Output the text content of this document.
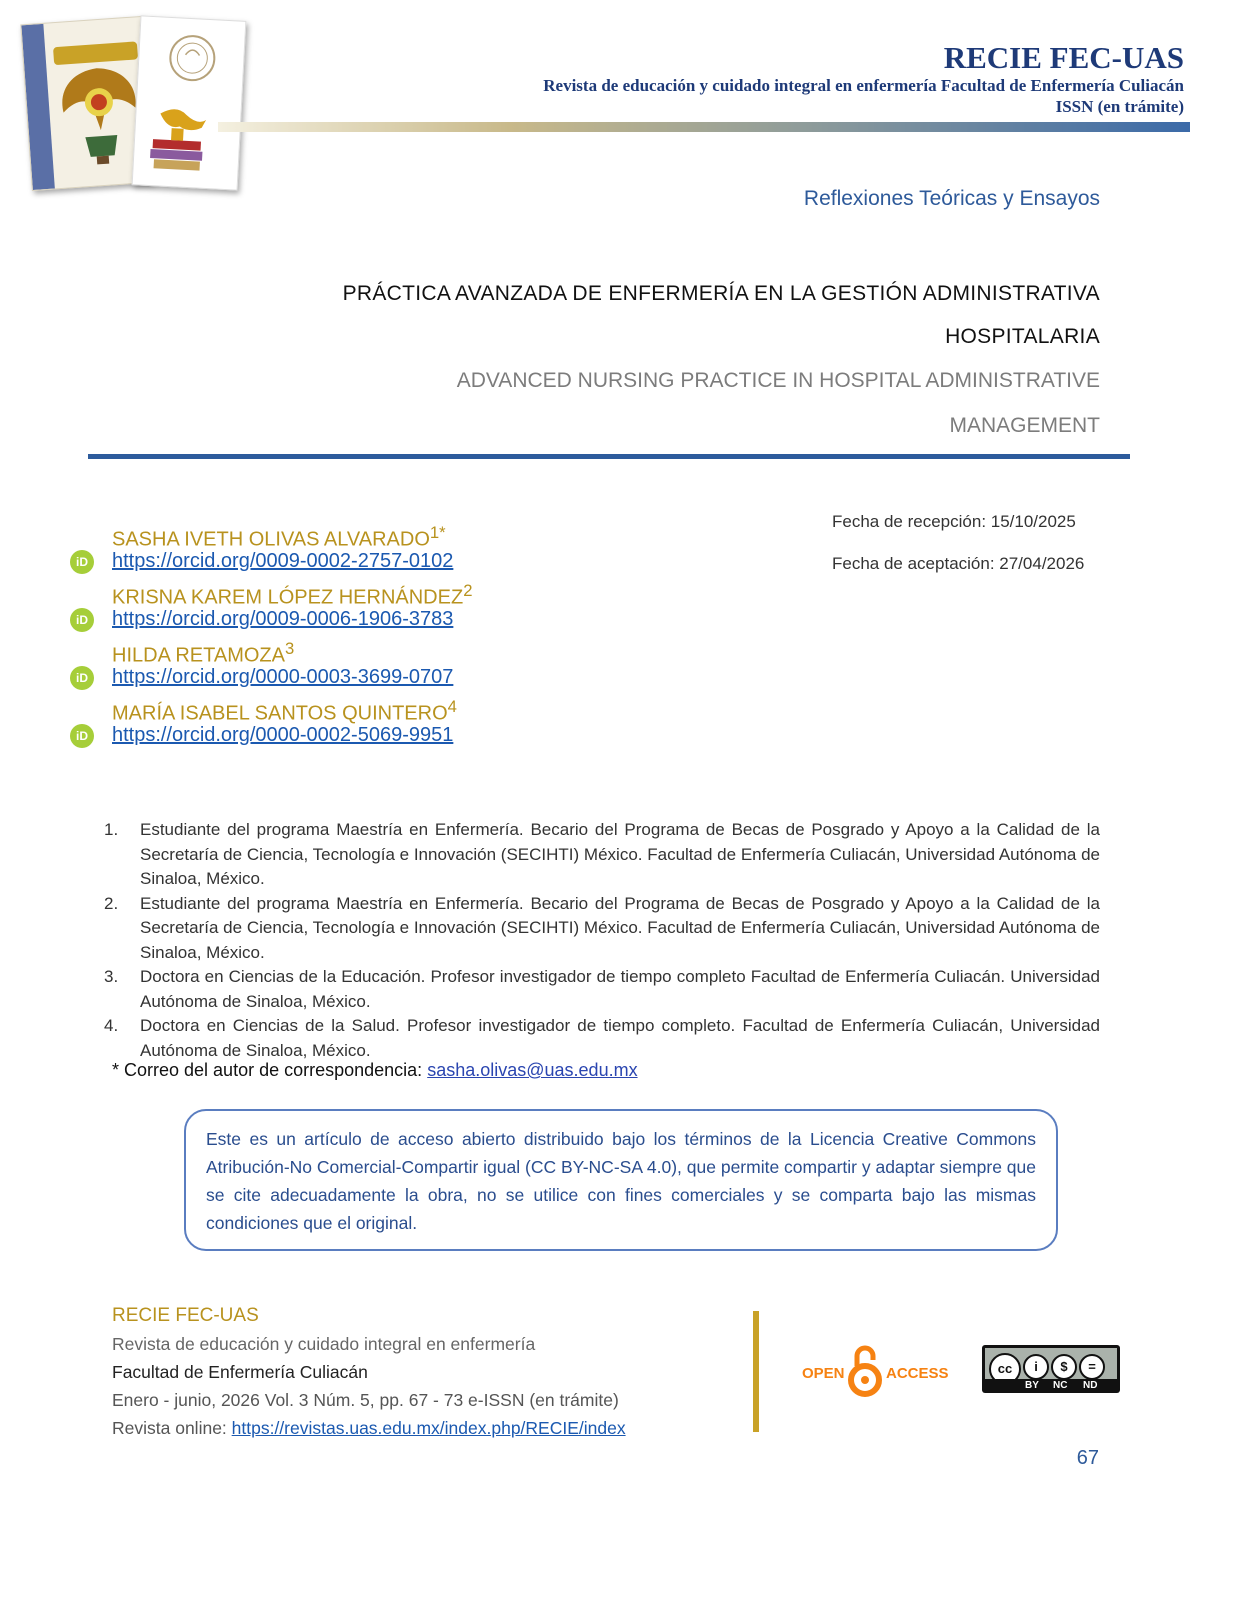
RECIE FEC-UAS
Revista de educación y cuidado integral en enfermería Facultad de Enfermería Culiacán
ISSN (en trámite)
Reflexiones Teóricas y Ensayos
PRÁCTICA AVANZADA DE ENFERMERÍA EN LA GESTIÓN ADMINISTRATIVA
HOSPITALARIA
ADVANCED NURSING PRACTICE IN HOSPITAL ADMINISTRATIVE
MANAGEMENT
SASHA IVETH OLIVAS $ALVARADO^{1*}$
iD	https://orcid.org/0009-0002-2757-0102
KRISNA KAREM LÓPEZ HERNÁNDEZ$^2$
iD	https://orcid.org/0009-0006-1906-3783
HILDA RETAMOZA$^3$
iD	https://orcid.org/0000-0003-3699-0707
MARÍA ISABEL SANTOS QUINTERO$^4$
iD	https://orcid.org/0000-0002-5069-9951
Fecha de recepción: 15/10/2025
Fecha de aceptación: 27/04/2026
1. Estudiante del programa Maestría en Enfermería. Becario del Programa de Becas de Posgrado y Apoyo a la Calidad de la Secretaría de Ciencia, Tecnología e Innovación (SECIHTI) México. Facultad de Enfermería Culiacán, Universidad Autónoma de Sinaloa, México.
2. Estudiante del programa Maestría en Enfermería. Becario del Programa de Becas de Posgrado y Apoyo a la Calidad de la Secretaría de Ciencia, Tecnología e Innovación (SECIHTI) México. Facultad de Enfermería Culiacán, Universidad Autónoma de Sinaloa, México.
3. Doctora en Ciencias de la Educación. Profesor investigador de tiempo completo Facultad de Enfermería Culiacán. Universidad Autónoma de Sinaloa, México.
4. Doctora en Ciencias de la Salud. Profesor investigador de tiempo completo. Facultad de Enfermería Culiacán, Universidad Autónoma de Sinaloa, México.
* Correo del autor de correspondencia: sasha.olivas@uas.edu.mx
Este es un artículo de acceso abierto distribuido bajo los términos de la Licencia Creative Commons Atribución-No Comercial-Compartir igual (CC BY-NC-SA 4.0), que permite compartir y adaptar siempre que se cite adecuadamente la obra, no se utilice con fines comerciales y se comparta bajo las mismas condiciones que el original.
RECIE FEC-UAS
Revista de educación y cuidado integral en enfermería
Facultad de Enfermería Culiacán
Enero - junio, 2026 Vol. 3 Núm. 5, pp. 67 - 73 e-ISSN (en trámite)
Revista online: https://revistas.uas.edu.mx/index.php/RECIE/index
OPEN	ACCESS	cc	i	$	=
BY NC ND
67
